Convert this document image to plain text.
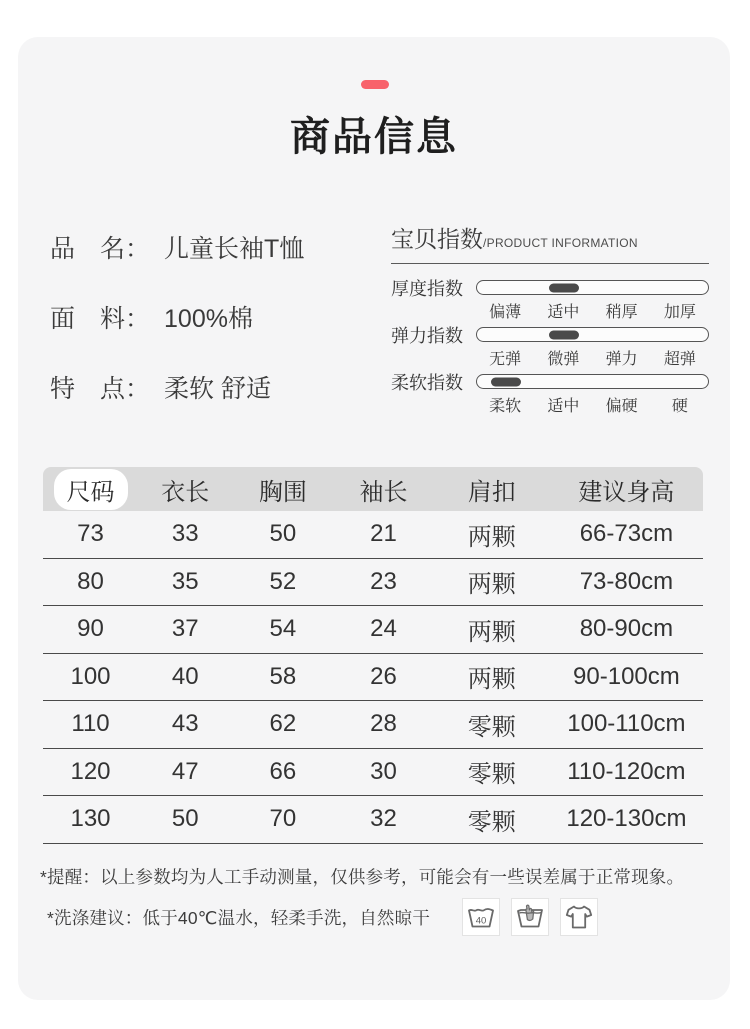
商品信息
品　名： 儿童长袖T恤
面　料： 100%棉
特　点： 柔软 舒适
宝贝指数 /PRODUCT INFORMATION
厚度指数
偏薄	适中	稍厚	加厚
弹力指数
无弹	微弹	弹力	超弹
柔软指数
柔软	适中	偏硬	硬
尺码	衣长	胸围	袖长	肩扣	建议身高
73	33	50	21	两颗	66-73cm
80	35	52	23	两颗	73-80cm
90	37	54	24	两颗	80-90cm
100	40	58	26	两颗	90-100cm
110	43	62	28	零颗	100-110cm
120	47	66	30	零颗	110-120cm
130	50	70	32	零颗	120-130cm

*提醒：以上参数均为人工手动测量，仅供参考，可能会有一些误差属于正常现象。

*洗涤建议：低于40℃温水，轻柔手洗，自然晾干	40
